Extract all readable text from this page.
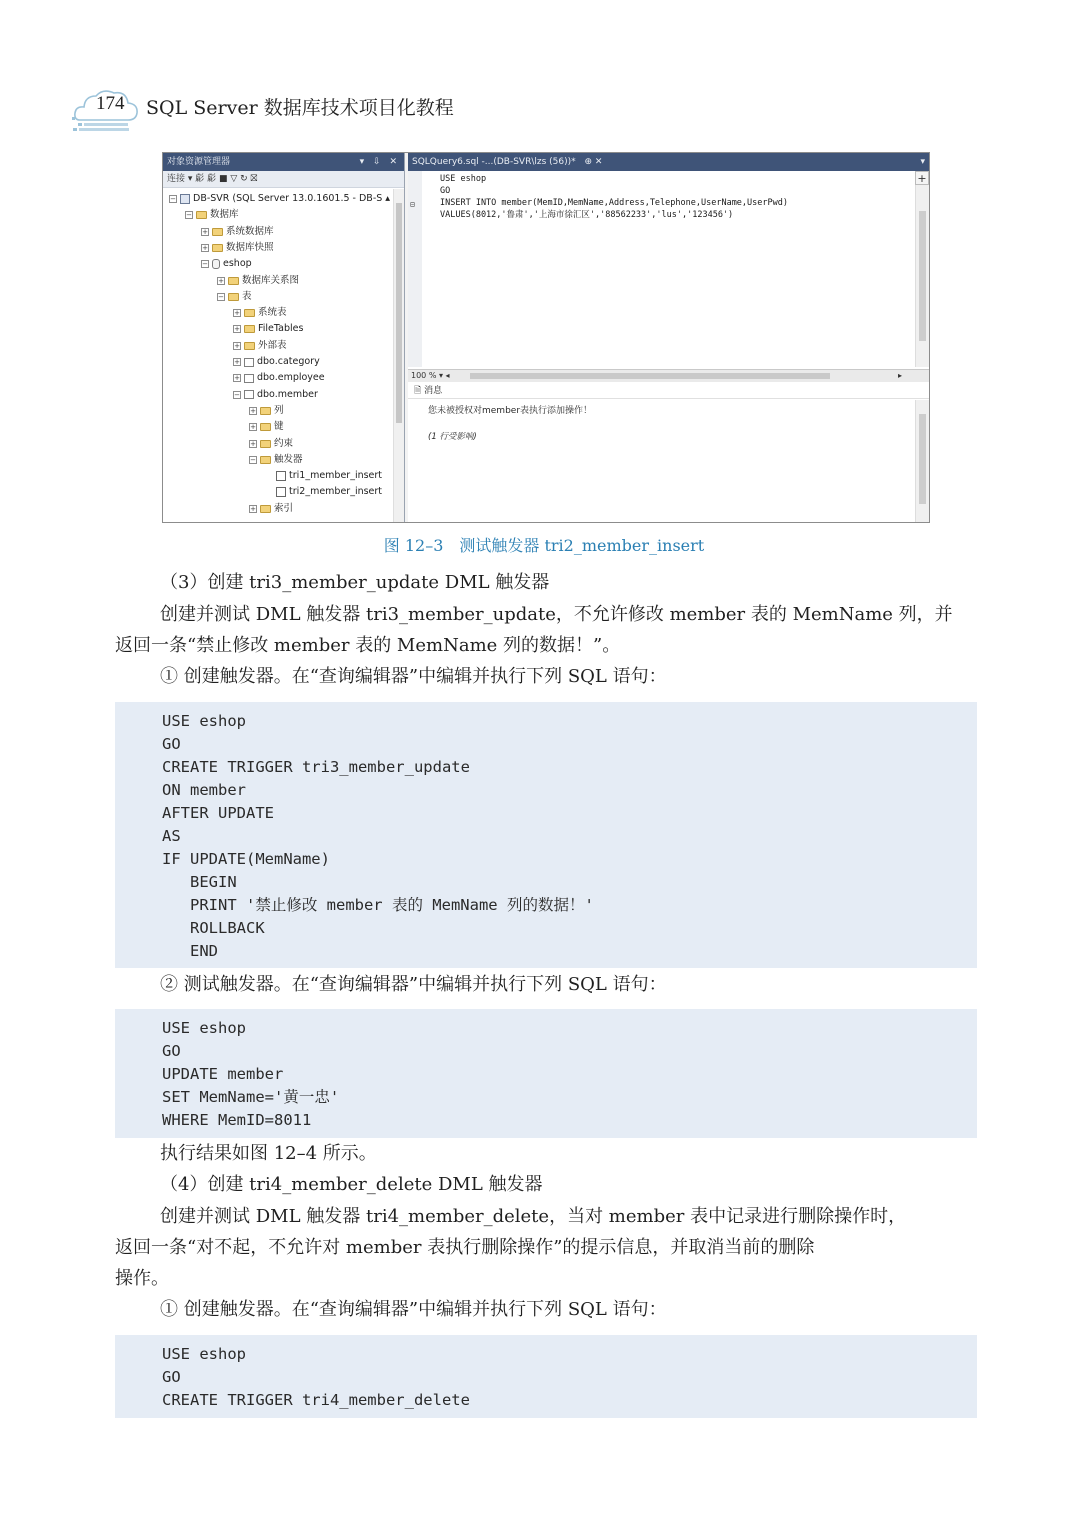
174 SQL Server 数据库技术项目化教程
对象资源管理器	▾ ⇩ ✕
连接 ▾ 虨 虨 ■ ▽ ↻ ⛝
− DB-SVR (SQL Server 13.0.1601.5 - DB-S ▴
− 数据库
+ 系统数据库
+ 数据库快照
− eshop
+ 数据库关系图
− 表
+ 系统表
+ FileTables
+ 外部表
+ dbo.category
+ dbo.employee
− dbo.member
+ 列
+ 键
+ 约束
− 触发器
tri1_member_insert
tri2_member_insert
+ 索引
SQLQuery6.sql -...(DB-SVR\lzs (56))* ⊕ ✕	▾
⊟
USE eshop
GO
INSERT INTO member(MemID,MemName,Address,Telephone,UserName,UserPwd)
VALUES(8012,'鲁肃','上海市徐汇区','88562233','lus','123456')
+
100 % ▾ ◂	▸
🗎 消息
您未被授权对member表执行添加操作！
(1 行受影响)
图 12–3　测试触发器 tri2_member_insert
（3）创建 tri3_member_update DML 触发器
创建并测试 DML 触发器 tri3_member_update，不允许修改 member 表的 MemName 列，并
返回一条“禁止修改 member 表的 MemName 列的数据！”。
① 创建触发器。在“查询编辑器”中编辑并执行下列 SQL 语句：
USE eshop
GO
CREATE TRIGGER tri3_member_update
ON member
AFTER UPDATE
AS
IF UPDATE(MemName)
BEGIN
PRINT '禁止修改 member 表的 MemName 列的数据！'
ROLLBACK
END
② 测试触发器。在“查询编辑器”中编辑并执行下列 SQL 语句：
USE eshop
GO
UPDATE member
SET MemName='黄一忠'
WHERE MemID=8011
执行结果如图 12–4 所示。
（4）创建 tri4_member_delete DML 触发器
创建并测试 DML 触发器 tri4_member_delete，当对 member 表中记录进行删除操作时，
返回一条“对不起，不允许对 member 表执行删除操作”的提示信息，并取消当前的删除
操作。
① 创建触发器。在“查询编辑器”中编辑并执行下列 SQL 语句：
USE eshop
GO
CREATE TRIGGER tri4_member_delete
